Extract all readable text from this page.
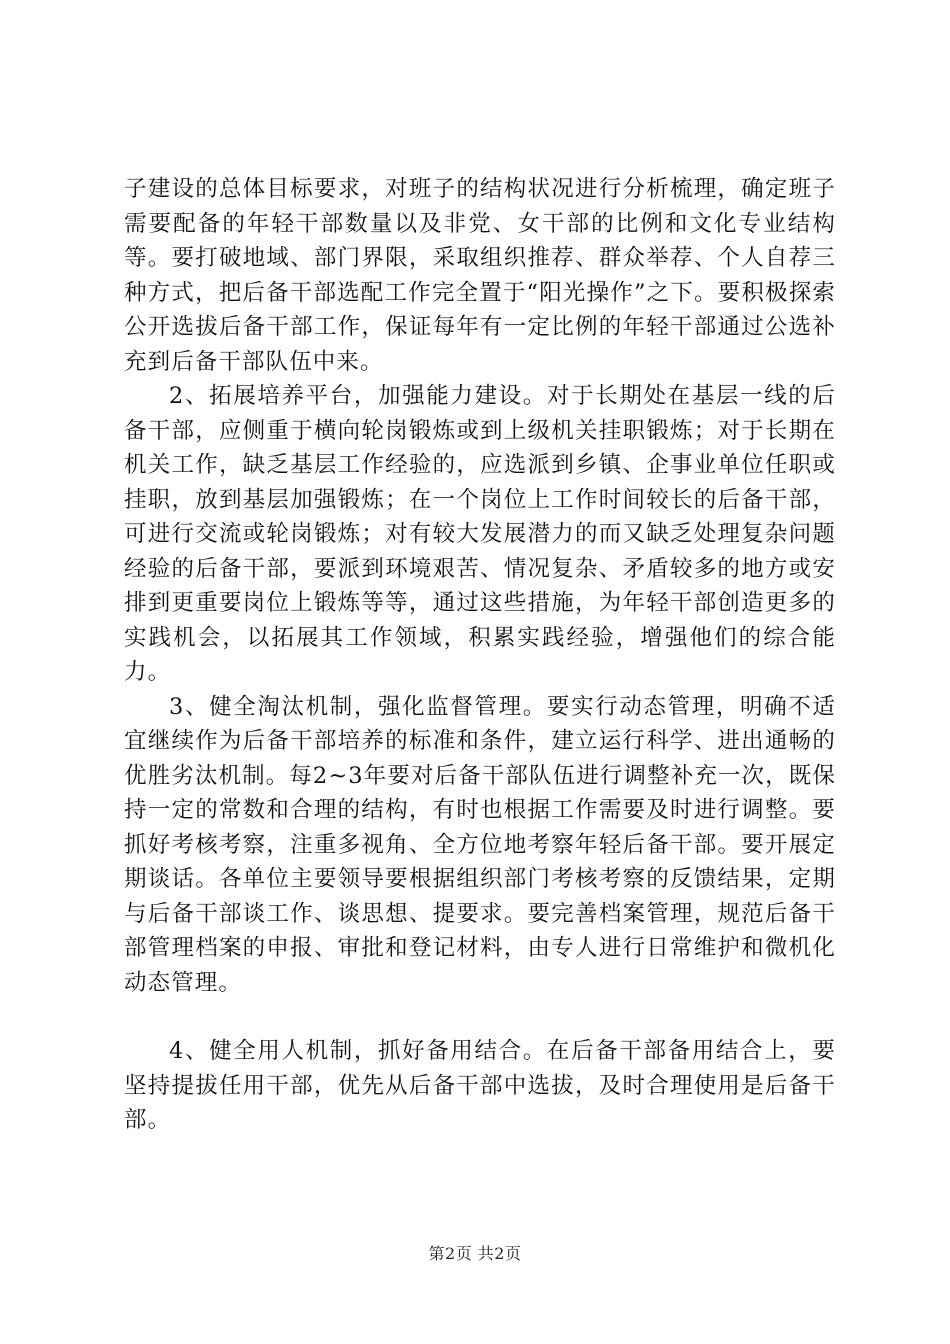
子建设的总体目标要求，对班子的结构状况进行分析梳理，确定班子需要配备的年轻干部数量以及非党、女干部的比例和文化专业结构等。要打破地域、部门界限，采取组织推荐、群众举荐、个人自荐三种方式，把后备干部选配工作完全置于“阳光操作”之下。要积极探索公开选拔后备干部工作，保证每年有一定比例的年轻干部通过公选补充到后备干部队伍中来。

2、拓展培养平台，加强能力建设。对于长期处在基层一线的后备干部，应侧重于横向轮岗锻炼或到上级机关挂职锻炼；对于长期在机关工作，缺乏基层工作经验的，应选派到乡镇、企事业单位任职或挂职，放到基层加强锻炼；在一个岗位上工作时间较长的后备干部，可进行交流或轮岗锻炼；对有较大发展潜力的而又缺乏处理复杂问题经验的后备干部，要派到环境艰苦、情况复杂、矛盾较多的地方或安排到更重要岗位上锻炼等等，通过这些措施，为年轻干部创造更多的实践机会，以拓展其工作领域，积累实践经验，增强他们的综合能力。

3、健全淘汰机制，强化监督管理。要实行动态管理，明确不适宜继续作为后备干部培养的标准和条件，建立运行科学、进出通畅的优胜劣汰机制。每2~3年要对后备干部队伍进行调整补充一次，既保持一定的常数和合理的结构，有时也根据工作需要及时进行调整。要抓好考核考察，注重多视角、全方位地考察年轻后备干部。要开展定期谈话。各单位主要领导要根据组织部门考核考察的反馈结果，定期与后备干部谈工作、谈思想、提要求。要完善档案管理，规范后备干部管理档案的申报、审批和登记材料，由专人进行日常维护和微机化动态管理。

4、健全用人机制，抓好备用结合。在后备干部备用结合上，要坚持提拔任用干部，优先从后备干部中选拔，及时合理使用是后备干部。

第2页 共2页
